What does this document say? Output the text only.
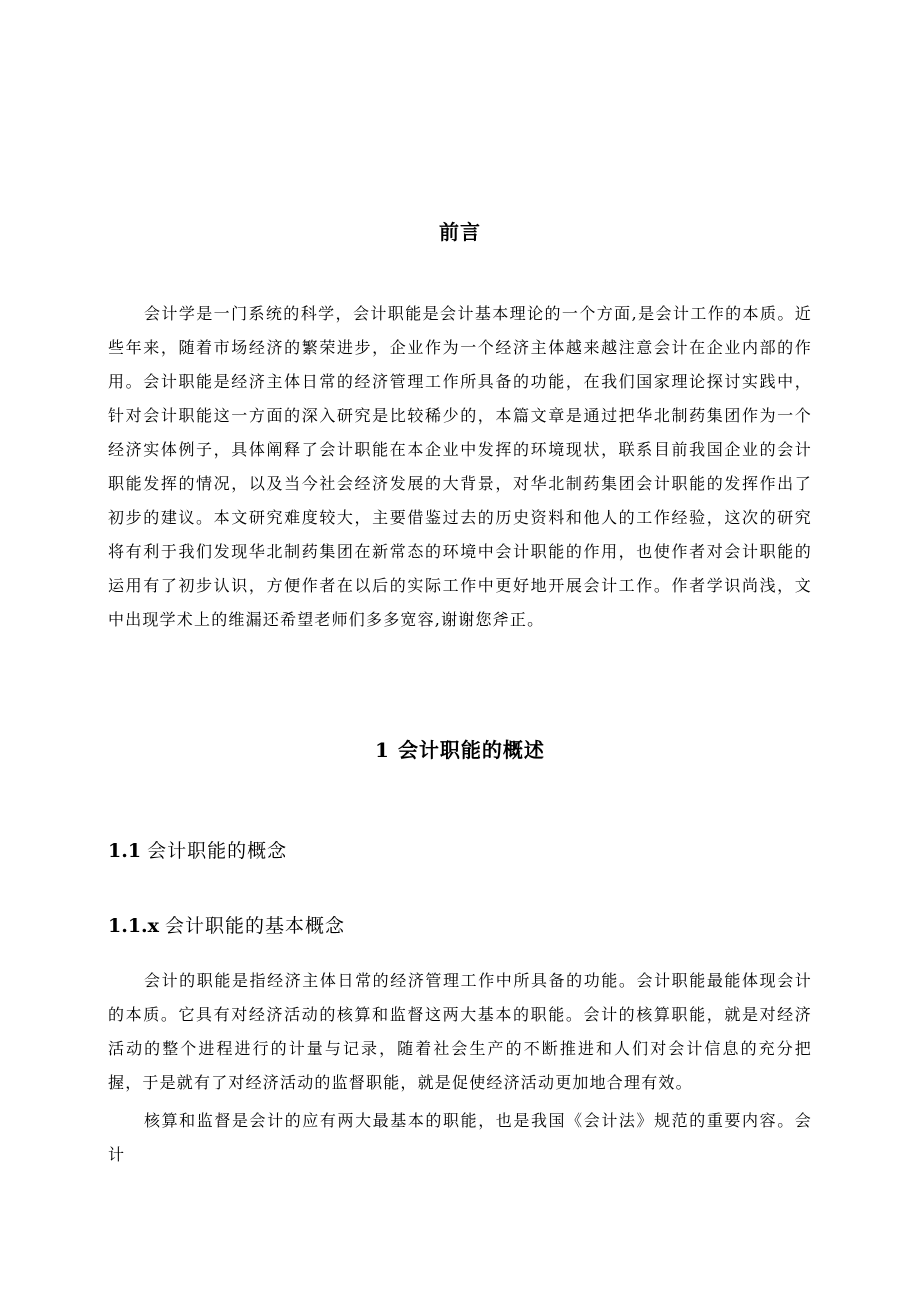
前言

会计学是一门系统的科学，会计职能是会计基本理论的一个方面,是会计工作的本质。近些年来，随着市场经济的繁荣进步，企业作为一个经济主体越来越注意会计在企业内部的作用。会计职能是经济主体日常的经济管理工作所具备的功能，在我们国家理论探讨实践中，针对会计职能这一方面的深入研究是比较稀少的，本篇文章是通过把华北制药集团作为一个经济实体例子，具体阐释了会计职能在本企业中发挥的环境现状，联系目前我国企业的会计职能发挥的情况，以及当今社会经济发展的大背景，对华北制药集团会计职能的发挥作出了初步的建议。本文研究难度较大，主要借鉴过去的历史资料和他人的工作经验，这次的研究将有利于我们发现华北制药集团在新常态的环境中会计职能的作用，也使作者对会计职能的运用有了初步认识，方便作者在以后的实际工作中更好地开展会计工作。作者学识尚浅，文中出现学术上的维漏还希望老师们多多宽容,谢谢您斧正。

1 会计职能的概述
1.1 会计职能的概念
1.1.x 会计职能的基本概念

会计的职能是指经济主体日常的经济管理工作中所具备的功能。会计职能最能体现会计的本质。它具有对经济活动的核算和监督这两大基本的职能。会计的核算职能，就是对经济活动的整个进程进行的计量与记录，随着社会生产的不断推进和人们对会计信息的充分把握，于是就有了对经济活动的监督职能，就是促使经济活动更加地合理有效。

核算和监督是会计的应有两大最基本的职能，也是我国《会计法》规范的重要内容。会计
